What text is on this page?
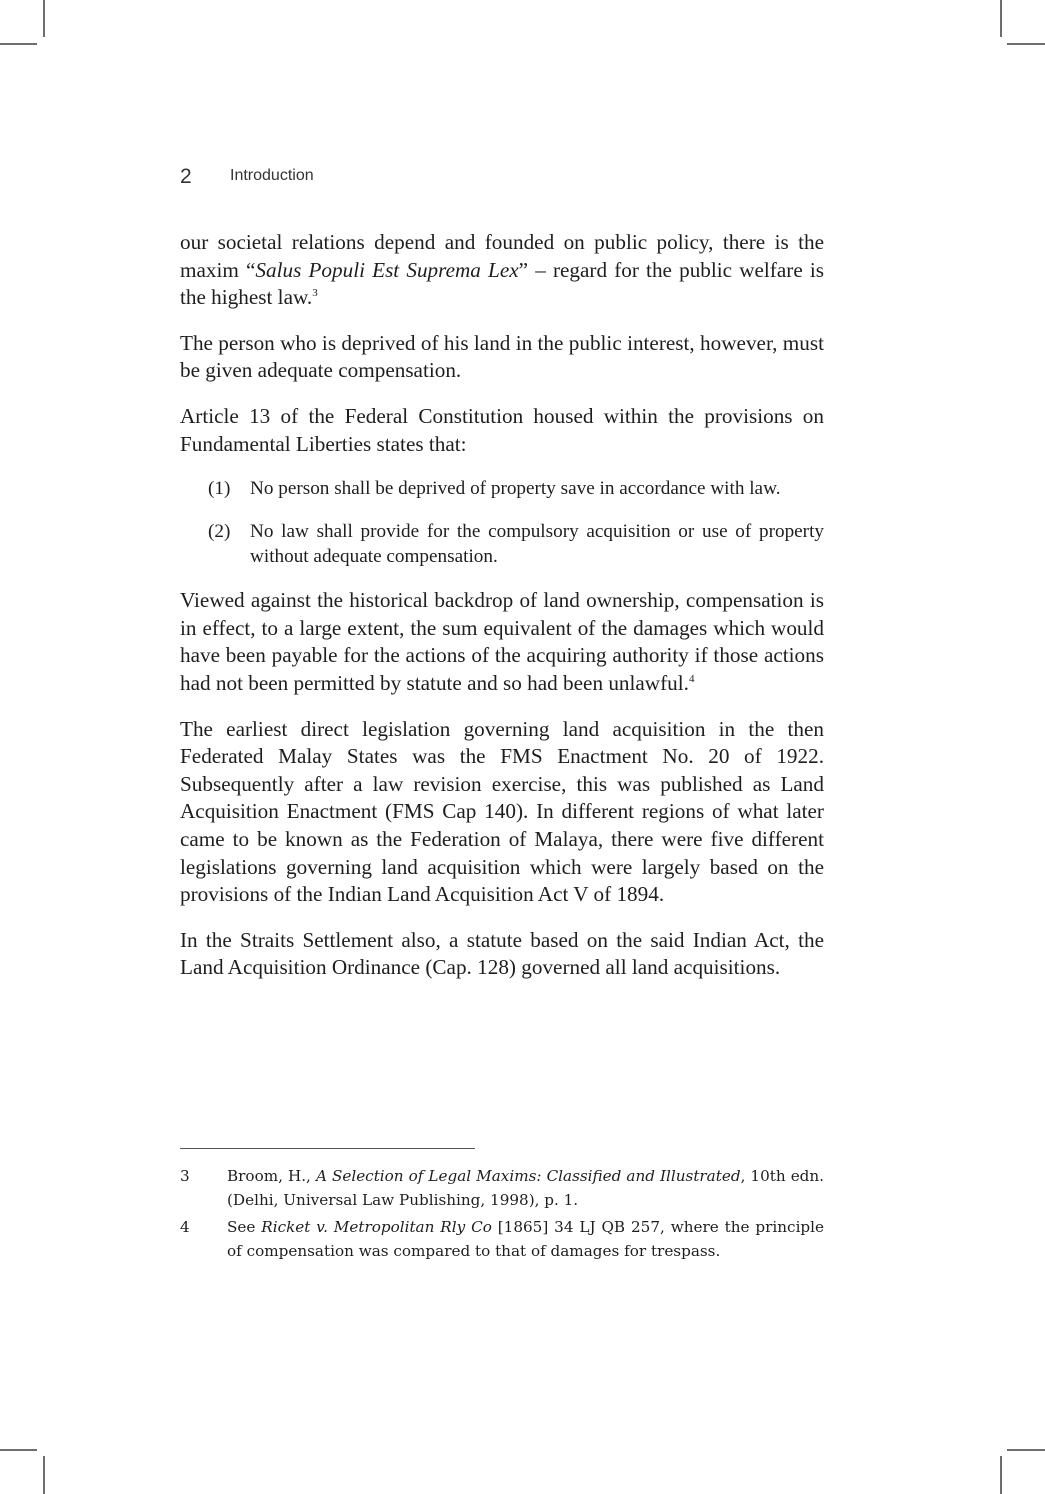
2 Introduction

our societal relations depend and founded on public policy, there is the maxim “Salus Populi Est Suprema Lex” – regard for the public welfare is the highest law.$^3$

The person who is deprived of his land in the public interest, however, must be given adequate compensation.

Article 13 of the Federal Constitution housed within the provisions on Fundamental Liberties states that:

(1)	No person shall be deprived of property save in accordance with law.
(2)	No law shall provide for the compulsory acquisition or use of property without adequate compensation.

Viewed against the historical backdrop of land ownership, compensation is in effect, to a large extent, the sum equivalent of the damages which would have been payable for the actions of the acquiring authority if those actions had not been permitted by statute and so had been unlawful.$^4$

The earliest direct legislation governing land acquisition in the then Federated Malay States was the FMS Enactment No. 20 of 1922. Subsequently after a law revision exercise, this was published as Land Acquisition Enactment (FMS Cap 140). In different regions of what later came to be known as the Federation of Malaya, there were five different legislations governing land acquisition which were largely based on the provisions of the Indian Land Acquisition Act V of 1894.

In the Straits Settlement also, a statute based on the said Indian Act, the Land Acquisition Ordinance (Cap. 128) governed all land acquisitions.

3	Broom, H., A Selection of Legal Maxims: Classified and Illustrated, 10th edn. (Delhi, Universal Law Publishing, 1998), p. 1.
4	See Ricket v. Metropolitan Rly Co [1865] 34 LJ QB 257, where the principle of compensation was compared to that of damages for trespass.
